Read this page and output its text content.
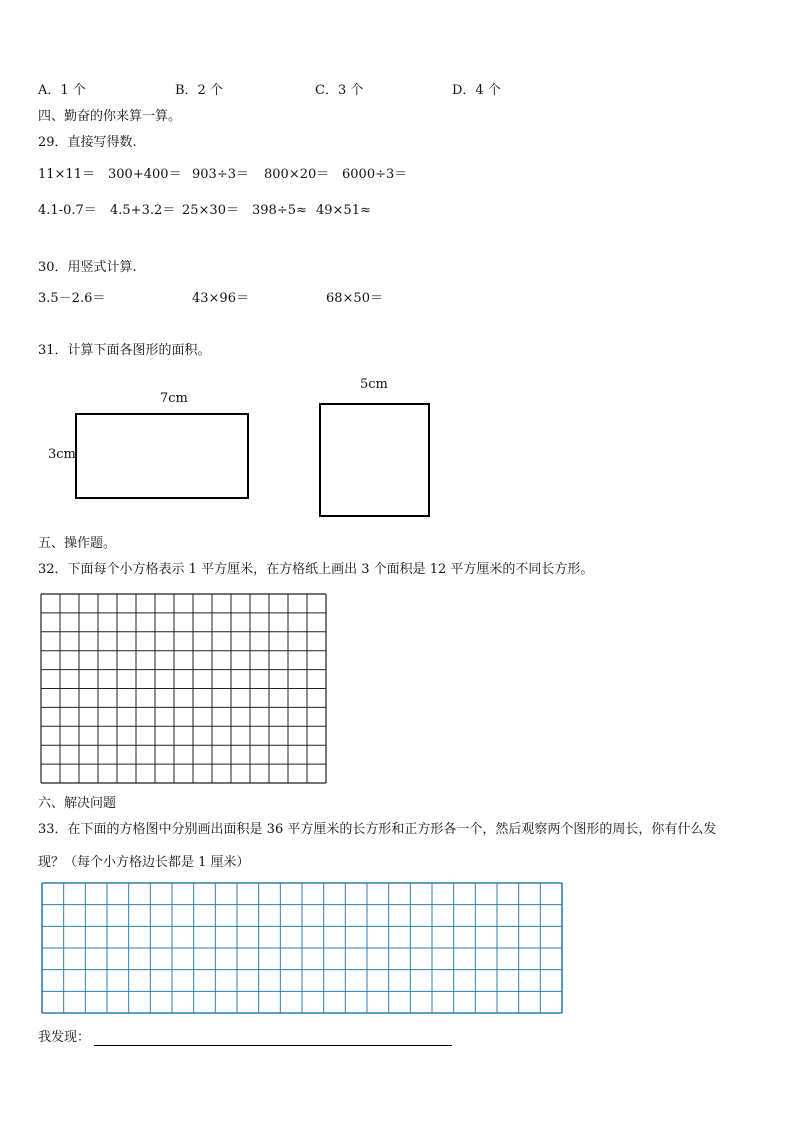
A．1 个	B．2 个	C．3 个	D．4 个
四、勤奋的你来算一算。
29．直接写得数.
11×11＝ 300+400＝ 903÷3＝ 800×20＝ 6000÷3＝
4.1-0.7＝ 4.5+3.2＝ 25×30＝ 398÷5≈ 49×51≈
30．用竖式计算.
3.5－2.6＝	43×96＝	68×50＝
31．计算下面各图形的面积。
7cm
3cm
5cm
五、操作题。
32．下面每个小方格表示 1 平方厘米，在方格纸上画出 3 个面积是 12 平方厘米的不同长方形。
六、解决问题
33．在下面的方格图中分别画出面积是 36 平方厘米的长方形和正方形各一个，然后观察两个图形的周长，你有什么发
现？（每个小方格边长都是 1 厘米）
我发现：
